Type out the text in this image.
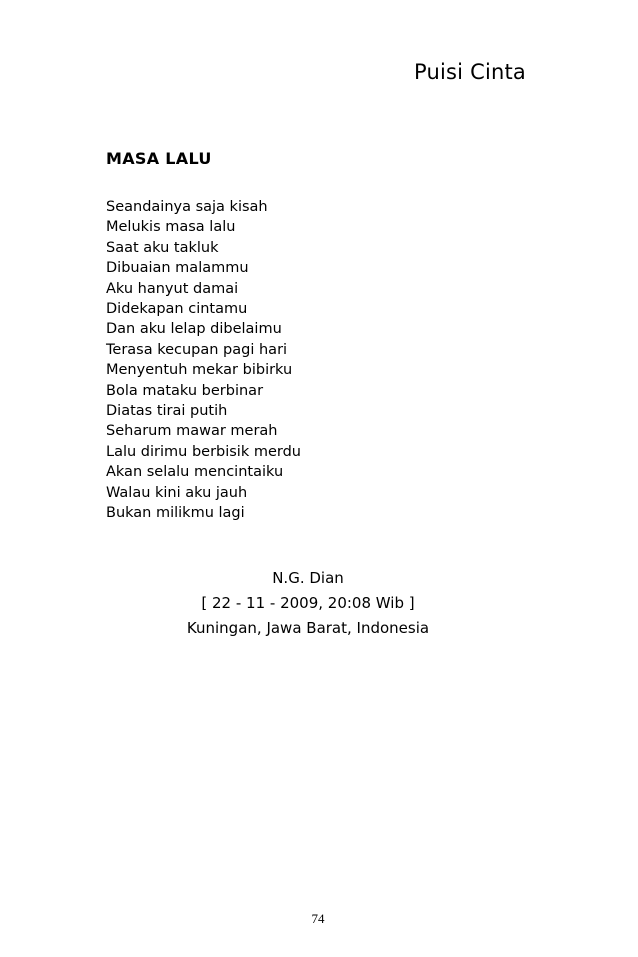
Puisi Cinta
MASA LALU
Seandainya saja kisah
Melukis masa lalu
Saat aku takluk
Dibuaian malammu
Aku hanyut damai
Didekapan cintamu
Dan aku lelap dibelaimu
Terasa kecupan pagi hari
Menyentuh mekar bibirku
Bola mataku berbinar
Diatas tirai putih
Seharum mawar merah
Lalu dirimu berbisik merdu
Akan selalu mencintaiku
Walau kini aku jauh
Bukan milikmu lagi
N.G. Dian
[ 22 - 11 - 2009, 20:08 Wib ]
Kuningan, Jawa Barat, Indonesia
74
